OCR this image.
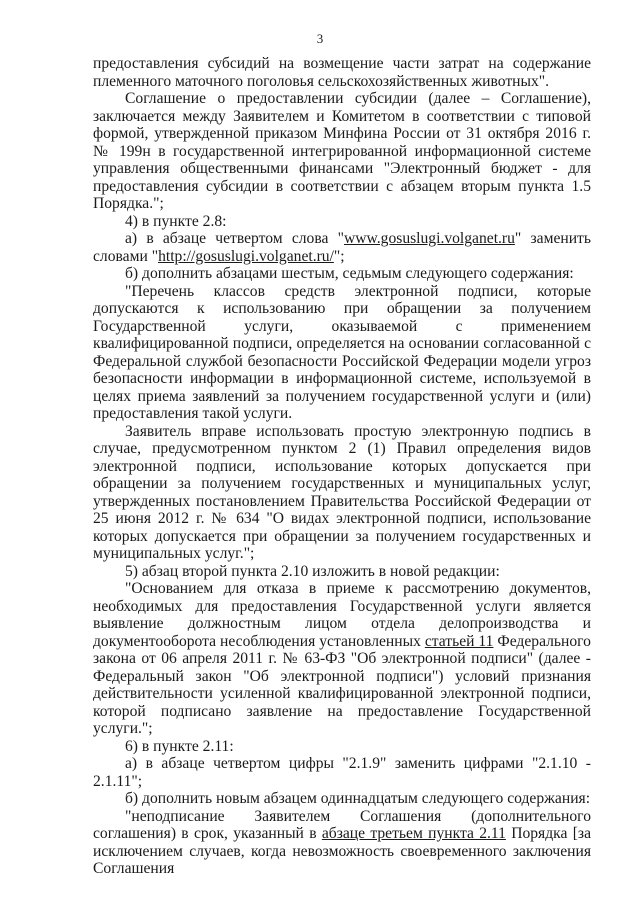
3

предоставления субсидий на возмещение части затрат на содержание племенного маточного поголовья сельскохозяйственных животных".

Соглашение о предоставлении субсидии (далее – Соглашение), заключается между Заявителем и Комитетом в соответствии с типовой формой, утвержденной приказом Минфина России от 31 октября 2016 г. № 199н в государственной интегрированной информационной системе управления общественными финансами "Электронный бюджет - для предоставления субсидии в соответствии с абзацем вторым пункта 1.5 Порядка.";

4) в пункте 2.8:

а) в абзаце четвертом слова "www.gosuslugi.volganet.ru" заменить словами "http://gosuslugi.volganet.ru/";

б) дополнить абзацами шестым, седьмым следующего содержания:

"Перечень классов средств электронной подписи, которые допускаются к использованию при обращении за получением Государственной услуги, оказываемой с применением квалифицированной подписи, определяется на основании согласованной с Федеральной службой безопасности Российской Федерации модели угроз безопасности информации в информационной системе, используемой в целях приема заявлений за получением государственной услуги и (или) предоставления такой услуги.

Заявитель вправе использовать простую электронную подпись в случае, предусмотренном пунктом 2 (1) Правил определения видов электронной подписи, использование которых допускается при обращении за получением государственных и муниципальных услуг, утвержденных постановлением Правительства Российской Федерации от 25 июня 2012 г. № 634 "О видах электронной подписи, использование которых допускается при обращении за получением государственных и муниципальных услуг.";

5) абзац второй пункта 2.10 изложить в новой редакции:

"Основанием для отказа в приеме к рассмотрению документов, необходимых для предоставления Государственной услуги является выявление должностным лицом отдела делопроизводства и документооборота несоблюдения установленных статьей 11 Федерального закона от 06 апреля 2011 г. № 63-ФЗ "Об электронной подписи" (далее - Федеральный закон "Об электронной подписи") условий признания действительности усиленной квалифицированной электронной подписи, которой подписано заявление на предоставление Государственной услуги.";

6) в пункте 2.11:

а) в абзаце четвертом цифры "2.1.9" заменить цифрами "2.1.10 - 2.1.11";

б) дополнить новым абзацем одиннадцатым следующего содержания:

"неподписание Заявителем Соглашения (дополнительного соглашения) в срок, указанный в абзаце третьем пункта 2.11 Порядка [за исключением случаев, когда невозможность своевременного заключения Соглашения
